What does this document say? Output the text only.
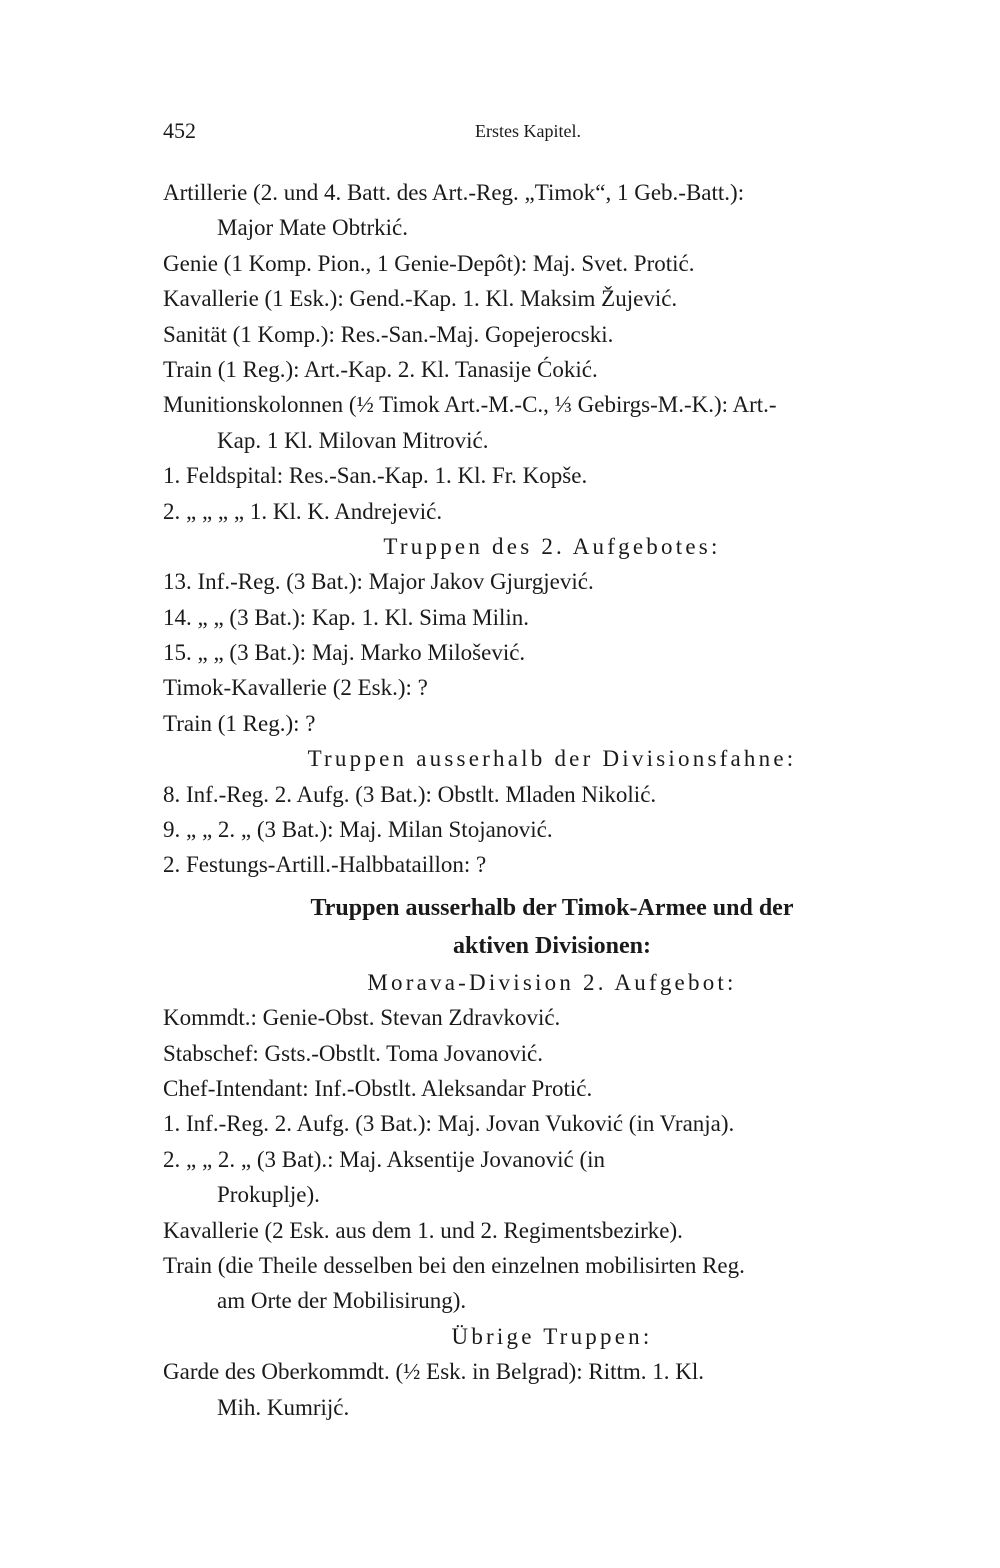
452	Erstes Kapitel.
Artillerie (2. und 4. Batt. des Art.-Reg. „Timok“, 1 Geb.-Batt.):
Major Mate Obtrkić.
Genie (1 Komp. Pion., 1 Genie-Depôt): Maj. Svet. Protić.
Kavallerie (1 Esk.): Gend.-Kap. 1. Kl. Maksim Žujević.
Sanität (1 Komp.): Res.-San.-Maj. Gopejerocski.
Train (1 Reg.): Art.-Kap. 2. Kl. Tanasije Ćokić.
Munitionskolonnen (½ Timok Art.-M.-C., ⅓ Gebirgs-M.-K.): Art.-
Kap. 1 Kl. Milovan Mitrović.
1. Feldspital: Res.-San.-Kap. 1. Kl. Fr. Kopše.
2. „ „ „ „ 1. Kl. K. Andrejević.
Truppen des 2. Aufgebotes:
13. Inf.-Reg. (3 Bat.): Major Jakov Gjurgjević.
14. „ „ (3 Bat.): Kap. 1. Kl. Sima Milin.
15. „ „ (3 Bat.): Maj. Marko Milošević.
Timok-Kavallerie (2 Esk.): ?
Train (1 Reg.): ?
Truppen ausserhalb der Divisionsfahne:
8. Inf.-Reg. 2. Aufg. (3 Bat.): Obstlt. Mladen Nikolić.
9. „ „ 2. „ (3 Bat.): Maj. Milan Stojanović.
2. Festungs-Artill.-Halbbataillon: ?
Truppen ausserhalb der Timok-Armee und der
aktiven Divisionen:
Morava-Division 2. Aufgebot:
Kommdt.: Genie-Obst. Stevan Zdravković.
Stabschef: Gsts.-Obstlt. Toma Jovanović.
Chef-Intendant: Inf.-Obstlt. Aleksandar Protić.
1. Inf.-Reg. 2. Aufg. (3 Bat.): Maj. Jovan Vuković (in Vranja).
2. „ „ 2. „ (3 Bat).: Maj. Aksentije Jovanović (in
Prokuplje).
Kavallerie (2 Esk. aus dem 1. und 2. Regimentsbezirke).
Train (die Theile desselben bei den einzelnen mobilisirten Reg.
am Orte der Mobilisirung).
Übrige Truppen:
Garde des Oberkommdt. (½ Esk. in Belgrad): Rittm. 1. Kl.
Mih. Kumrijć.
